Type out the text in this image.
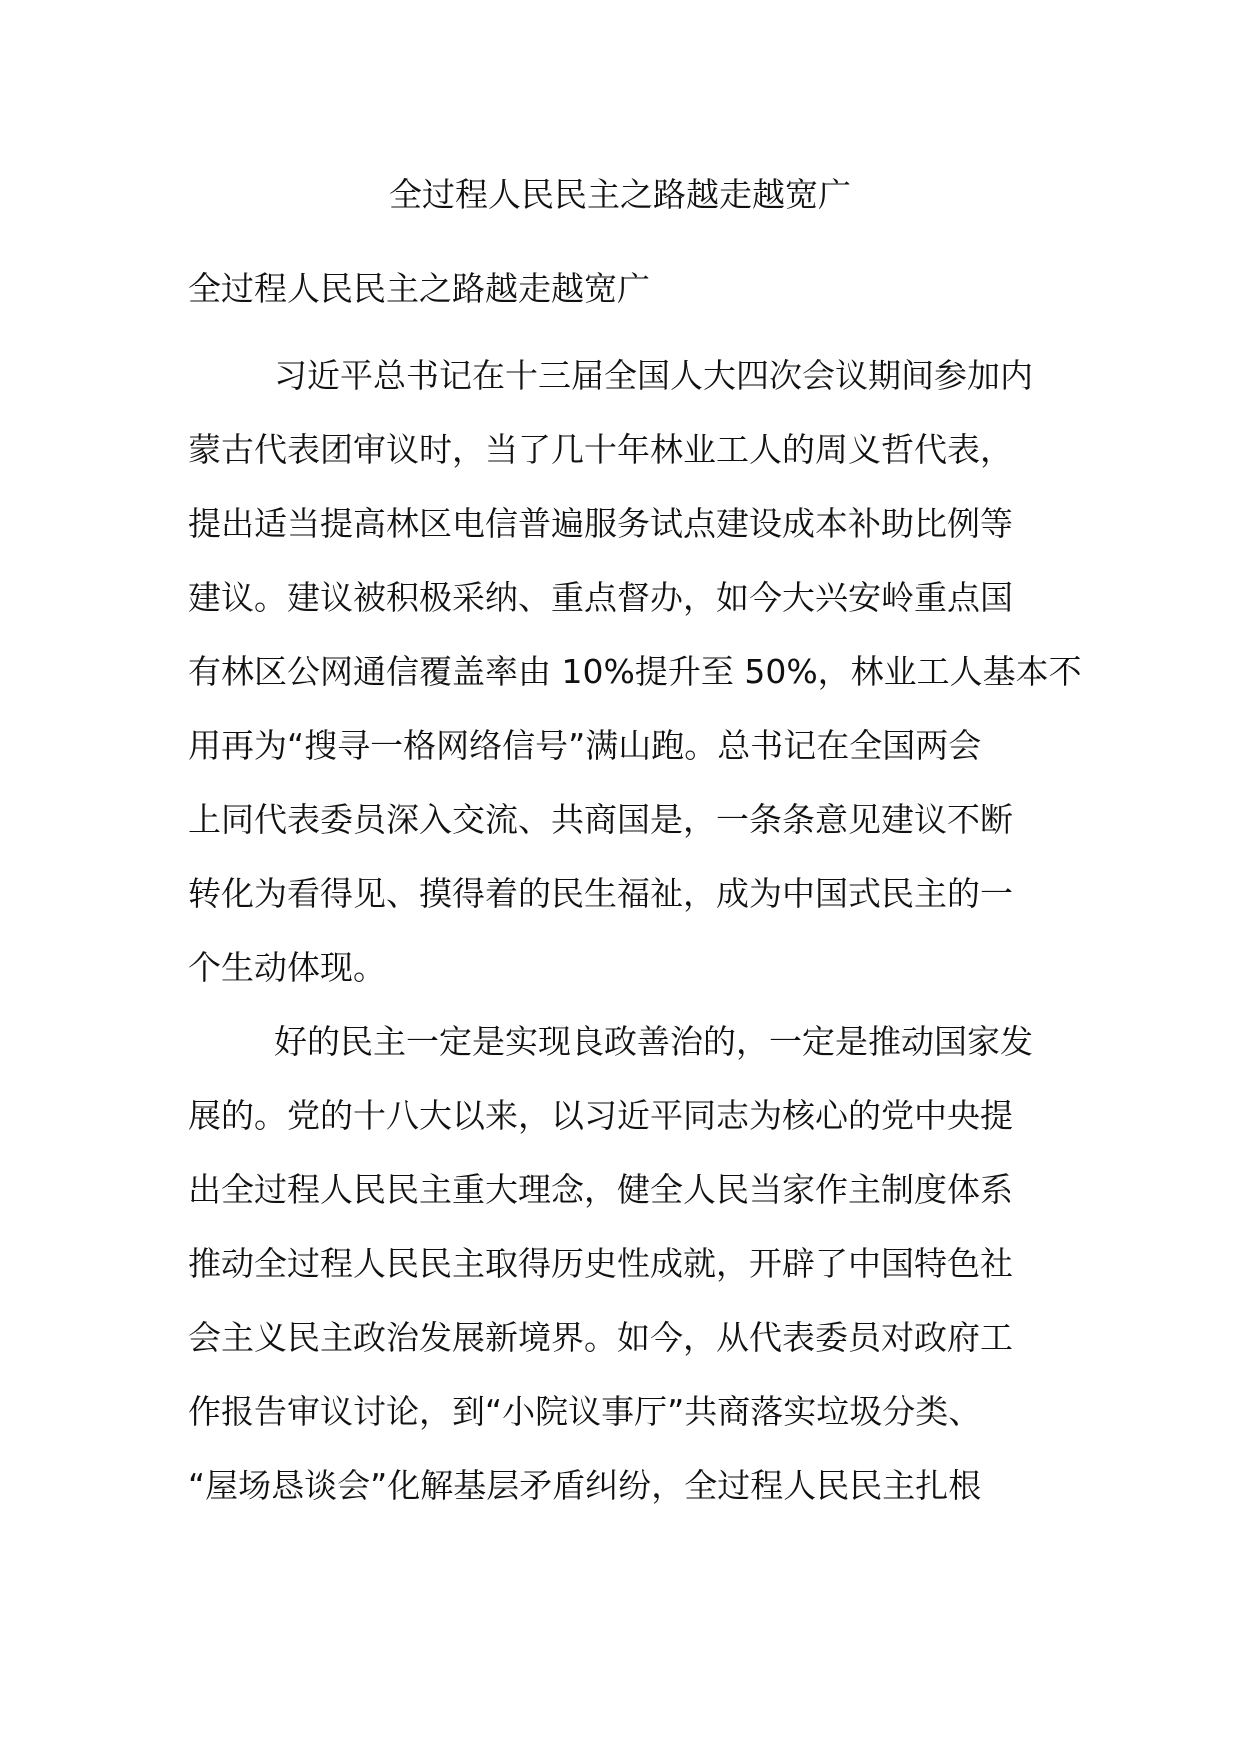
全过程人民民主之路越走越宽广

全过程人民民主之路越走越宽广

习近平总书记在十三届全国人大四次会议期间参加内
蒙古代表团审议时，当了几十年林业工人的周义哲代表，
提出适当提高林区电信普遍服务试点建设成本补助比例等
建议。建议被积极采纳、重点督办，如今大兴安岭重点国
有林区公网通信覆盖率由 10%提升至 50%，林业工人基本不
用再为“搜寻一格网络信号”满山跑。总书记在全国两会
上同代表委员深入交流、共商国是，一条条意见建议不断
转化为看得见、摸得着的民生福祉，成为中国式民主的一
个生动体现。
好的民主一定是实现良政善治的，一定是推动国家发
展的。党的十八大以来，以习近平同志为核心的党中央提
出全过程人民民主重大理念，健全人民当家作主制度体系
推动全过程人民民主取得历史性成就，开辟了中国特色社
会主义民主政治发展新境界。如今，从代表委员对政府工
作报告审议讨论，到“小院议事厅”共商落实垃圾分类、
“屋场恳谈会”化解基层矛盾纠纷，全过程人民民主扎根
